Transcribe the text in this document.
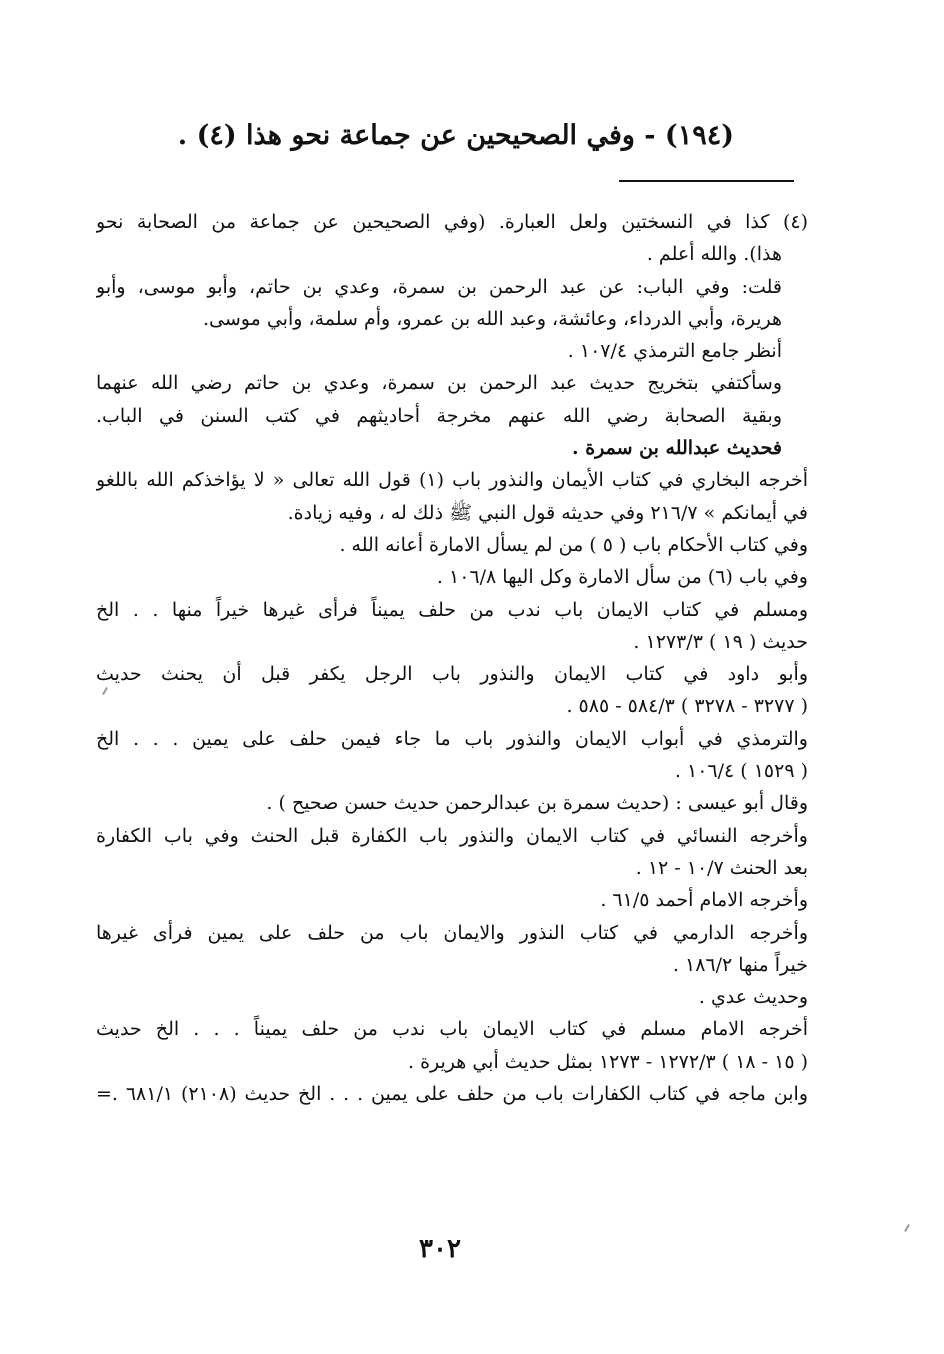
(١٩٤) - وفي الصحيحين عن جماعة نحو هذا (٤) .
(٤) كذا في النسختين ولعل العبارة. (وفي الصحيحين عن جماعة من الصحابة نحو
هذا). والله أعلم .
قلت: وفي الباب: عن عبد الرحمن بن سمرة، وعدي بن حاتم، وأبو موسى، وأبو
هريرة، وأبي الدرداء، وعائشة، وعبد الله بن عمرو، وأم سلمة، وأبي موسى.
أنظر جامع الترمذي ١٠٧/٤ .
وسأكتفي بتخريج حديث عبد الرحمن بن سمرة، وعدي بن حاتم رضي الله عنهما
وبقية الصحابة رضي الله عنهم مخرجة أحاديثهم في كتب السنن في الباب.
فحديث عبدالله بن سمرة .
أخرجه البخاري في كتاب الأيمان والنذور باب (١) قول الله تعالى « لا يؤاخذكم الله باللغو
في أيمانكم » ٢١٦/٧ وفي حديثه قول النبي ﷺ ذلك له ، وفيه زيادة.
وفي كتاب الأحكام باب ( ٥ ) من لم يسأل الامارة أعانه الله .
وفي باب (٦) من سأل الامارة وكل اليها ١٠٦/٨ .
ومسلم في كتاب الايمان باب ندب من حلف يميناً فرأى غيرها خيراً منها . . الخ
حديث ( ١٩ ) ١٢٧٣/٣ .
وأبو داود في كتاب الايمان والنذور باب الرجل يكفر قبل أن يحنث حديث
( ٣٢٧٧ - ٣٢٧٨ ) ٥٨٤/٣ - ٥٨٥ .
والترمذي في أبواب الايمان والنذور باب ما جاء فيمن حلف على يمين . . . الخ
( ١٥٢٩ ) ١٠٦/٤ .
وقال أبو عيسى : (حديث سمرة بن عبدالرحمن حديث حسن صحيح ) .
وأخرجه النسائي في كتاب الايمان والنذور باب الكفارة قبل الحنث وفي باب الكفارة
بعد الحنث ١٠/٧ - ١٢ .
وأخرجه الامام أحمد ٦١/٥ .
وأخرجه الدارمي في كتاب النذور والايمان باب من حلف على يمين فرأى غيرها
خيراً منها ١٨٦/٢ .
وحديث عدي .
أخرجه الامام مسلم في كتاب الايمان باب ندب من حلف يميناً . . . الخ حديث
( ١٥ - ١٨ ) ١٢٧٢/٣ - ١٢٧٣ بمثل حديث أبي هريرة .
وابن ماجه في كتاب الكفارات باب من حلف على يمين . . . الخ حديث (٢١٠٨) ٦٨١/١ .=
٣٠٢
